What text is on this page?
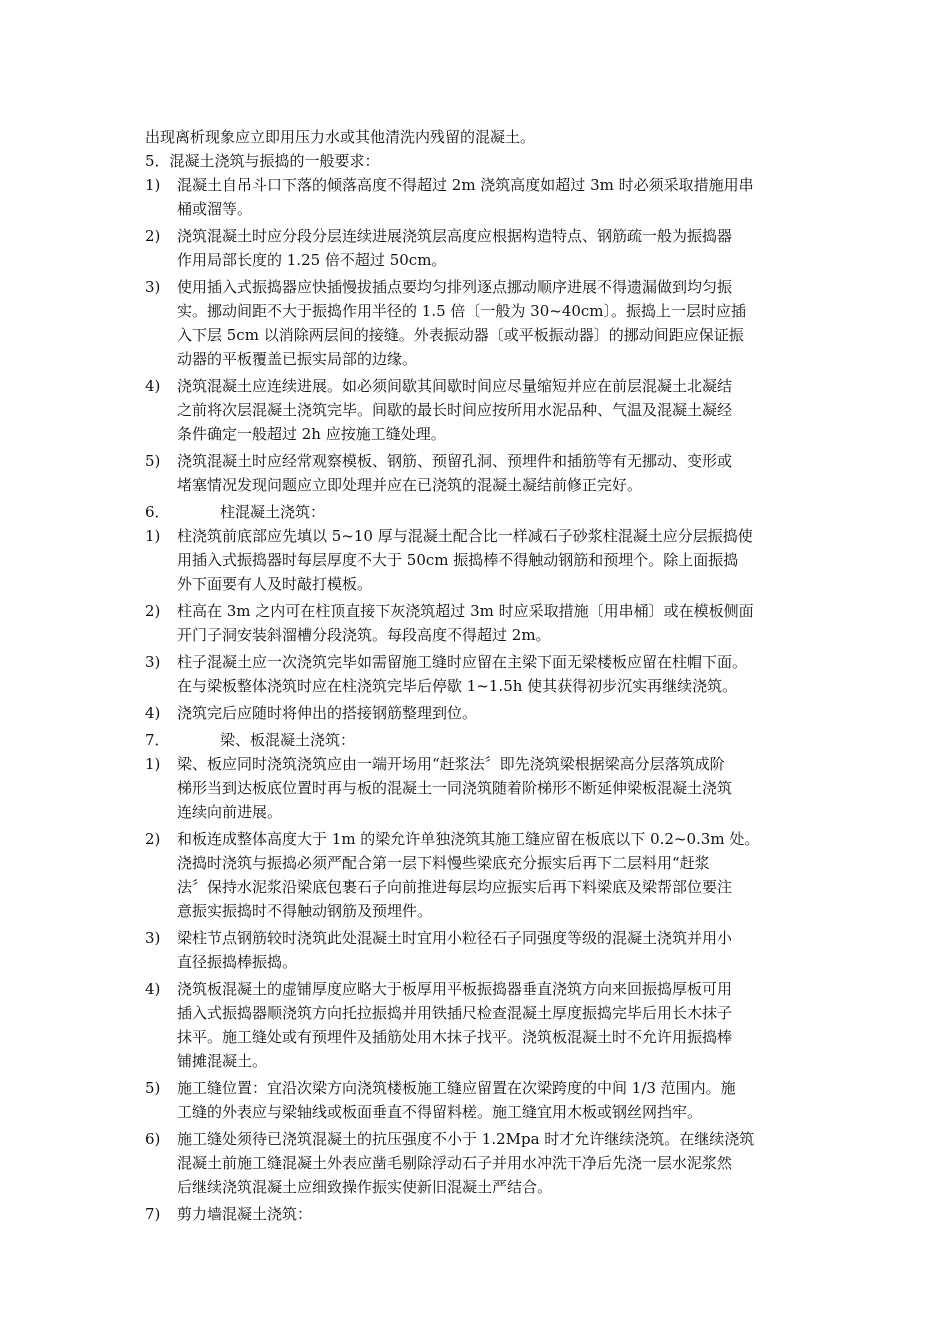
出现离析现象应立即用压力水或其他清洗内残留的混凝土。

5．混凝土浇筑与振捣的一般要求：

1)	混凝土自吊斗口下落的倾落高度不得超过 2m 浇筑高度如超过 3m 时必须采取措施用串

桶或溜等。

2)	浇筑混凝土时应分段分层连续进展浇筑层高度应根据构造特点、钢筋疏一般为振捣器

作用局部长度的 1.25 倍不超过 50cm。

3)	使用插入式振捣器应快插慢拔插点要均匀排列逐点挪动顺序进展不得遗漏做到均匀振

实。挪动间距不大于振捣作用半径的 1.5 倍〔一般为 30~40cm〕。振捣上一层时应插

入下层 5cm 以消除两层间的接缝。外表振动器〔或平板振动器〕的挪动间距应保证振

动器的平板覆盖已振实局部的边缘。

4)	浇筑混凝土应连续进展。如必须间歇其间歇时间应尽量缩短并应在前层混凝土北凝结

之前将次层混凝土浇筑完毕。间歇的最长时间应按所用水泥品种、气温及混凝土凝经

条件确定一般超过 2h 应按施工缝处理。

5)	浇筑混凝土时应经常观察模板、钢筋、预留孔洞、预埋件和插筋等有无挪动、变形或

堵塞情况发现问题应立即处理并应在已浇筑的混凝土凝结前修正完好。

6．	柱混凝土浇筑：
1)	柱浇筑前底部应先填以 5~10 厚与混凝土配合比一样减石子砂浆柱混凝土应分层振捣使

用插入式振捣器时每层厚度不大于 50cm 振捣棒不得触动钢筋和预埋个。除上面振捣

外下面要有人及时敲打模板。

2)	柱高在 3m 之内可在柱顶直接下灰浇筑超过 3m 时应采取措施〔用串桶〕或在模板侧面

开门子洞安装斜溜槽分段浇筑。每段高度不得超过 2m。

3)	柱子混凝土应一次浇筑完毕如需留施工缝时应留在主梁下面无梁楼板应留在柱帽下面。

在与梁板整体浇筑时应在柱浇筑完毕后停歇 1~1.5h 使其获得初步沉实再继续浇筑。

4)	浇筑完后应随时将伸出的搭接钢筋整理到位。

7．	梁、板混凝土浇筑：
1)	梁、板应同时浇筑浇筑应由一端开场用“赶浆法〞即先浇筑梁根据梁高分层落筑成阶

梯形当到达板底位置时再与板的混凝土一同浇筑随着阶梯形不断延伸梁板混凝土浇筑

连续向前进展。

2)	和板连成整体高度大于 1m 的梁允许单独浇筑其施工缝应留在板底以下 0.2~0.3m 处。

浇捣时浇筑与振捣必须严配合第一层下料慢些梁底充分振实后再下二层料用“赶浆

法〞保持水泥浆沿梁底包裹石子向前推进每层均应振实后再下料梁底及梁帮部位要注

意振实振捣时不得触动钢筋及预埋件。

3)	梁柱节点钢筋较时浇筑此处混凝土时宜用小粒径石子同强度等级的混凝土浇筑并用小

直径振捣棒振捣。

4)	浇筑板混凝土的虚铺厚度应略大于板厚用平板振捣器垂直浇筑方向来回振捣厚板可用

插入式振捣器顺浇筑方向托拉振捣并用铁插尺检查混凝土厚度振捣完毕后用长木抹子

抹平。施工缝处或有预埋件及插筋处用木抹子找平。浇筑板混凝土时不允许用振捣棒

铺摊混凝土。

5)	施工缝位置：宜沿次梁方向浇筑楼板施工缝应留置在次梁跨度的中间 1/3 范围内。施

工缝的外表应与梁轴线或板面垂直不得留料槎。施工缝宜用木板或钢丝网挡牢。

6)	施工缝处须待已浇筑混凝土的抗压强度不小于 1.2Mpa 时才允许继续浇筑。在继续浇筑

混凝土前施工缝混凝土外表应凿毛剔除浮动石子并用水冲洗干净后先浇一层水泥浆然

后继续浇筑混凝土应细致操作振实使新旧混凝土严结合。

7)	剪力墙混凝土浇筑：
